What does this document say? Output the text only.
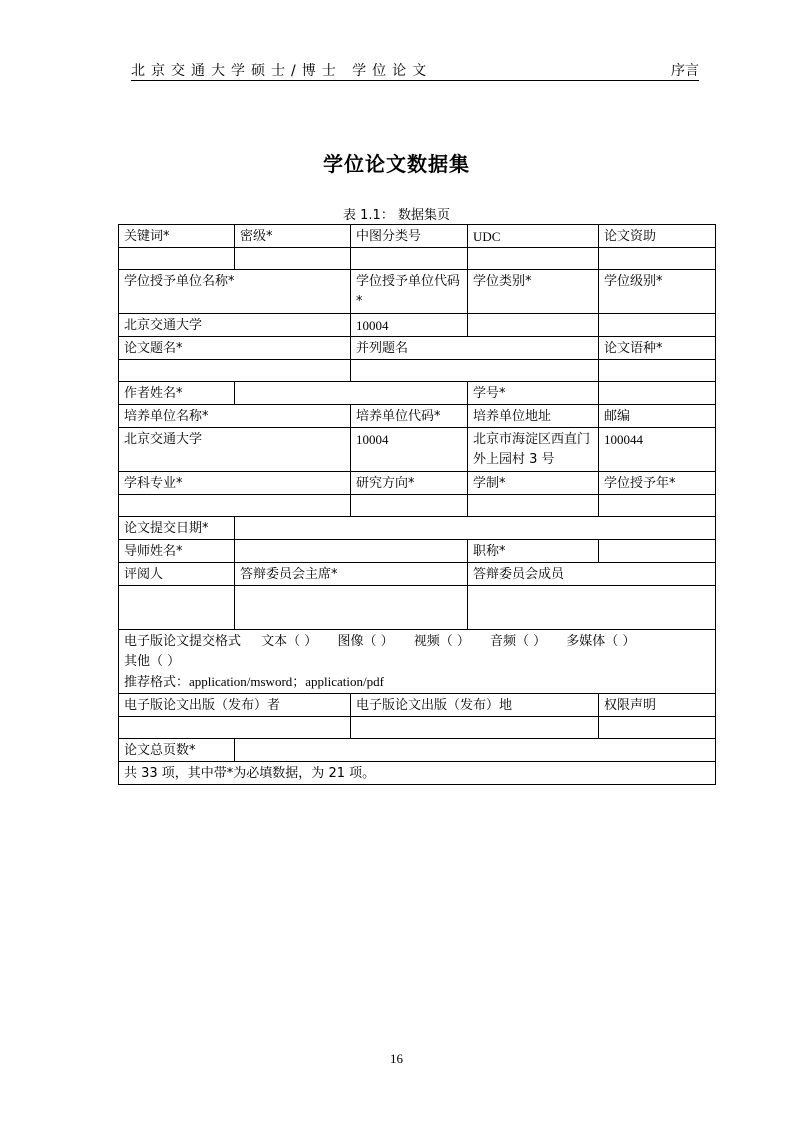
北京交通大学硕士/博士 学位论文	序言
学位论文数据集
表 1.1： 数据集页
关键词*	密级*	中图分类号	UDC	论文资助

学位授予单位名称*		学位授予单位代码*	学位类别*	学位级别*
北京交通大学		10004		
论文题名*		并列题名		论文语种*

作者姓名*			学号*	
培养单位名称*		培养单位代码*	培养单位地址	邮编
北京交通大学		10004	北京市海淀区西直门外上园村 3 号	100044
学科专业*		研究方向*	学制*	学位授予年*

论文提交日期*				
导师姓名*			职称*	
评阅人	答辩委员会主席*		答辩委员会成员	

电子版论文提交格式 文本（ ） 图像（ ） 视频（ ） 音频（ ） 多媒体（ ） 其他（ ）
推荐格式：application/msword；application/pdf				

电子版论文出版（发布）者		电子版论文出版（发布）地		权限声明

论文总页数*				
共 33 项，其中带*为必填数据，为 21 项。				
16
